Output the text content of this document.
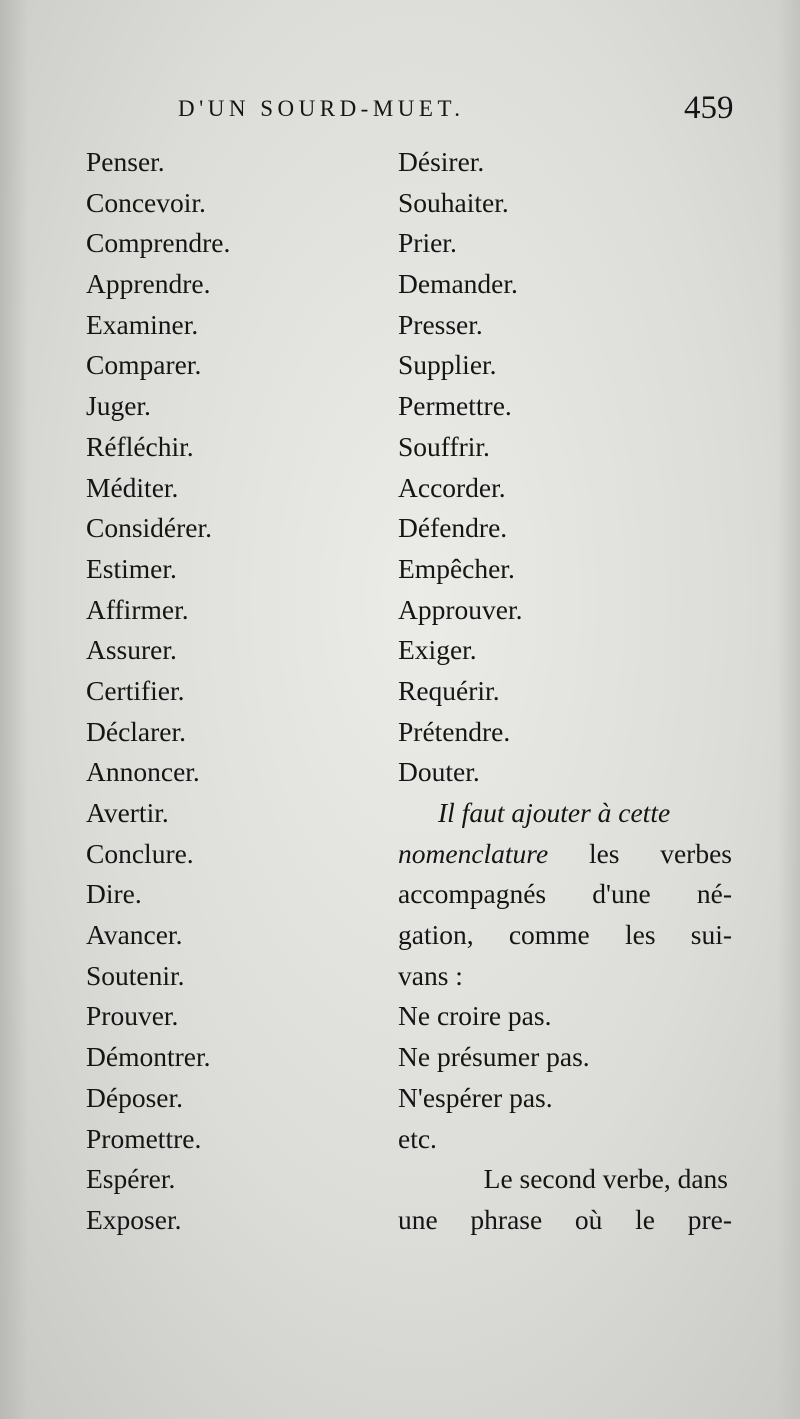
D'UN SOURD-MUET.	459
Penser.
Concevoir.
Comprendre.
Apprendre.
Examiner.
Comparer.
Juger.
Réfléchir.
Méditer.
Considérer.
Estimer.
Affirmer.
Assurer.
Certifier.
Déclarer.
Annoncer.
Avertir.
Conclure.
Dire.
Avancer.
Soutenir.
Prouver.
Démontrer.
Déposer.
Promettre.
Espérer.
Exposer.
Désirer.
Souhaiter.
Prier.
Demander.
Presser.
Supplier.
Permettre.
Souffrir.
Accorder.
Défendre.
Empêcher.
Approuver.
Exiger.
Requérir.
Prétendre.
Douter.
Il faut ajouter à cette
nomenclature les verbes
accompagnés d'une né-
gation, comme les sui-
vans :
Ne croire pas.
Ne présumer pas.
N'espérer pas.
etc.
Le second verbe, dans
une phrase où le pre-
